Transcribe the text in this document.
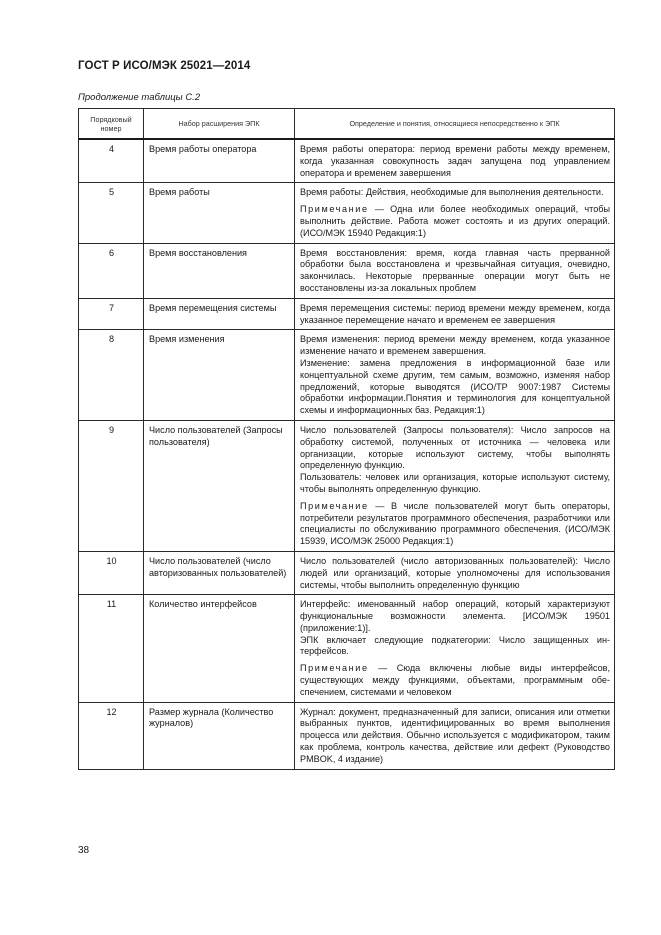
ГОСТ Р ИСО/МЭК 25021—2014
Продолжение таблицы С.2
Порядковый номер	Набор расширения ЭПК	Определение и понятия, относящиеся непосредственно к ЭПК
4	Время работы оператора	Время работы оператора: период времени работы между временем, когда указанная совокупность задач запущена под управлением оператора и временем завершения

5	Время работы	Время работы: Действия, необходимые для выполнения деятельности.

Примечание — Одна или более необходимых операций, чтобы выполнить действие. Работа может состоять и из других операций. (ИСО/МЭК 15940 Редакция:1)

6	Время восстановления	Время восстановления: время, когда главная часть прерванной обработки была восстановлена и чрезвычайная ситуация, очевидно, закончилась. Некоторые прерванные операции могут быть не восстановлены из-за локальных проблем

7	Время перемещения системы	Время перемещения системы: период времени между временем, когда указанное перемещение начато и временем ее завершения

8	Время изменения	Время изменения: период времени между временем, когда указанное изменение начато и временем завершения.

Изменение: замена предложения в информационной базе или концептуальной схеме другим, тем самым, возможно, изменяя набор предложений, которые выводятся (ИСО/ТР 9007:1987 Системы обработки информации.Понятия и терминология для концептуальной схемы и информационных баз. Редакция:1)

9	Число пользователей (Запросы пользователя)	Число пользователей (Запросы пользователя): Число запросов на обработку системой, полученных от источника — человека или организации, которые используют систему, чтобы выполнять определенную функцию.

Пользователь: человек или организация, которые используют систему, чтобы выполнять определенную функцию.

Примечание — В числе пользователей могут быть операторы, потребители результатов программного обеспечения, разработчики или специалисты по обслуживанию программного обеспечения. (ИСО/МЭК 15939, ИСО/МЭК 25000 Редакция:1)

10	Число пользователей (число авторизованных пользователей)	Число пользователей (число авторизованных пользователей): Число людей или организаций, которые уполномочены для использования системы, чтобы выполнить определенную функцию

11	Количество интерфейсов	Интерфейс: именованный набор операций, который характеризуют функциональные возможности элемента. [ИСО/МЭК 19501 (приложение:1)].

ЭПК включает следующие подкатегории: Число защищенных интерфейсов.

Примечание — Сюда включены любые виды интерфейсов, существующих между функциями, объектами, программным обеспечением, системами и человеком

12	Размер журнала (Количество журналов)	Журнал: документ, предназначенный для записи, описания или отметки выбранных пунктов, идентифицированных во время выполнения процесса или действия. Обычно используется с модификатором, таким как проблема, контроль качества, действие или дефект (Руководство PMBOK, 4 издание)

38
